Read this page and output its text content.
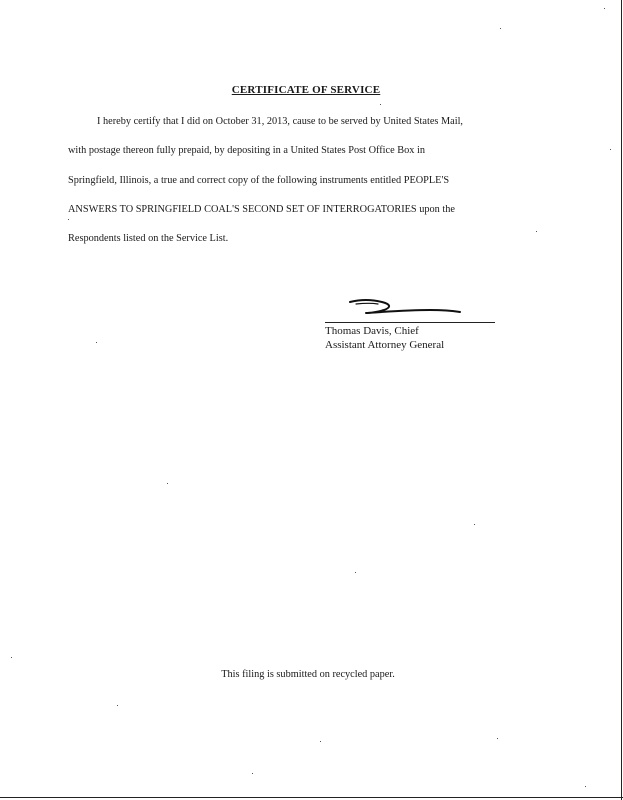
CERTIFICATE OF SERVICE
I hereby certify that I did on October 31, 2013, cause to be served by United States Mail,
with postage thereon fully prepaid, by depositing in a United States Post Office Box in
Springfield, Illinois, a true and correct copy of the following instruments entitled PEOPLE'S
ANSWERS TO SPRINGFIELD COAL'S SECOND SET OF INTERROGATORIES upon the
Respondents listed on the Service List.
Thomas Davis, Chief
Assistant Attorney General
This filing is submitted on recycled paper.
